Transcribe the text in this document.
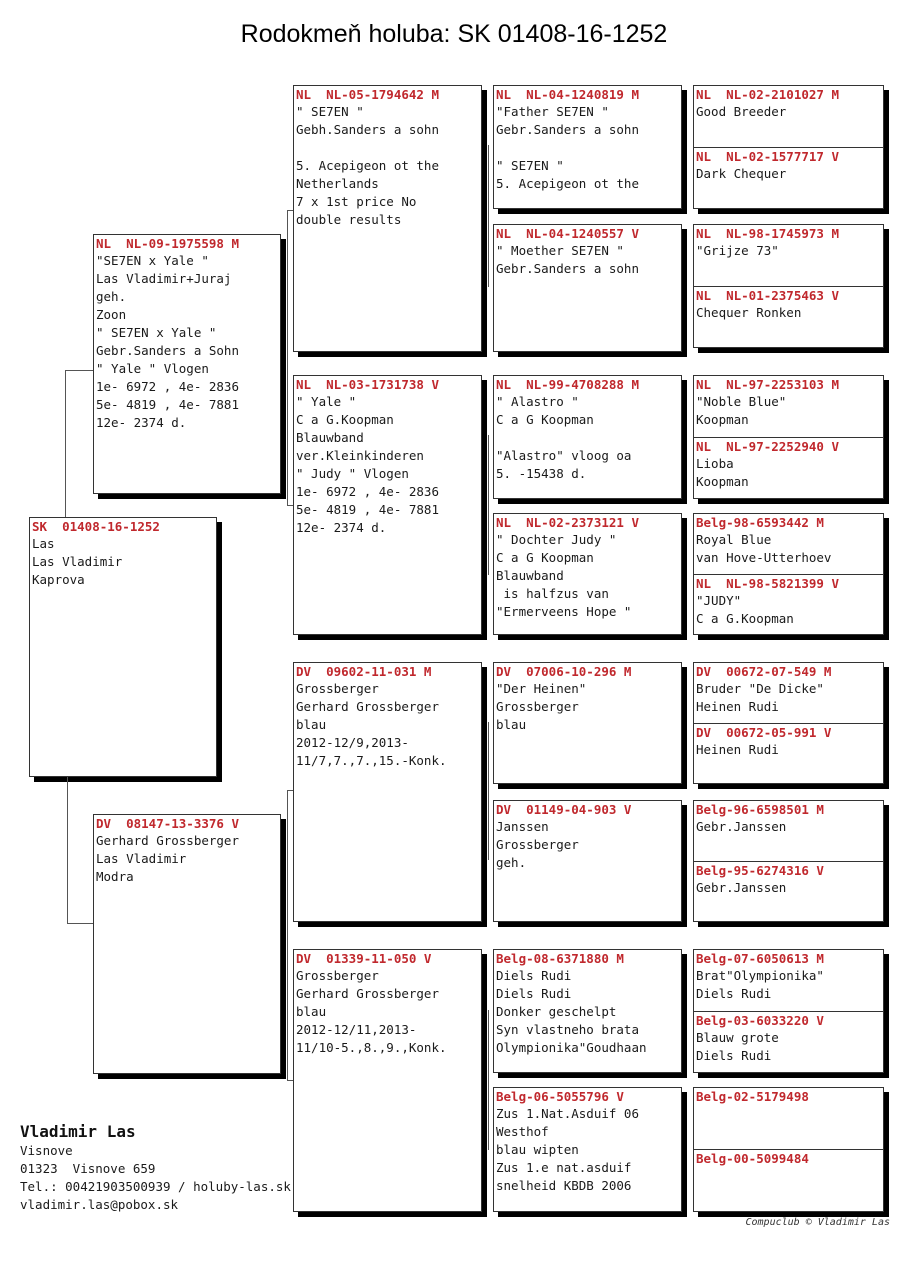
Rodokmeň holuba: SK 01408-16-1252
SK  01408-16-1252
Las
Las Vladimir
Kaprova
NL  NL-09-1975598 M
"SE7EN x Yale "
Las Vladimir+Juraj
geh.
Zoon
" SE7EN x Yale "
Gebr.Sanders a Sohn
" Yale " Vlogen
1e- 6972 , 4e- 2836
5e- 4819 , 4e- 7881
12e- 2374 d.
DV  08147-13-3376 V
Gerhard Grossberger
Las Vladimir
Modra
NL  NL-05-1794642 M
" SE7EN "
Gebh.Sanders a sohn

5. Acepigeon ot the
Netherlands
7 x 1st price No
double results
NL  NL-03-1731738 V
" Yale "
C a G.Koopman
Blauwband
ver.Kleinkinderen
" Judy " Vlogen
1e- 6972 , 4e- 2836
5e- 4819 , 4e- 7881
12e- 2374 d.
DV  09602-11-031 M
Grossberger
Gerhard Grossberger
blau
2012-12/9,2013-
11/7,7.,7.,15.-Konk.
DV  01339-11-050 V
Grossberger
Gerhard Grossberger
blau
2012-12/11,2013-
11/10-5.,8.,9.,Konk.
NL  NL-04-1240819 M
"Father SE7EN "
Gebr.Sanders a sohn

" SE7EN "
5. Acepigeon ot the
NL  NL-04-1240557 V
" Moether SE7EN "
Gebr.Sanders a sohn
NL  NL-99-4708288 M
" Alastro "
C a G Koopman

"Alastro" vloog oa
5. -15438 d.
NL  NL-02-2373121 V
" Dochter Judy "
C a G Koopman
Blauwband
is halfzus van
"Ermerveens Hope "
DV  07006-10-296 M
"Der Heinen"
Grossberger
blau
DV  01149-04-903 V
Janssen
Grossberger
geh.
Belg-08-6371880 M
Diels Rudi
Diels Rudi
Donker geschelpt
Syn vlastneho brata
Olympionika"Goudhaan
Belg-06-5055796 V
Zus 1.Nat.Asduif 06
Westhof
blau wipten
Zus 1.e nat.asduif
snelheid KBDB 2006
NL  NL-02-2101027 M
Good Breeder
NL  NL-02-1577717 V
Dark Chequer
NL  NL-98-1745973 M
"Grijze 73"
NL  NL-01-2375463 V
Chequer Ronken
NL  NL-97-2253103 M
"Noble Blue"
Koopman
NL  NL-97-2252940 V
Lioba
Koopman
Belg-98-6593442 M
Royal Blue
van Hove-Utterhoev
NL  NL-98-5821399 V
"JUDY"
C a G.Koopman
DV  00672-07-549 M
Bruder "De Dicke"
Heinen Rudi
DV  00672-05-991 V
Heinen Rudi
Belg-96-6598501 M
Gebr.Janssen
Belg-95-6274316 V
Gebr.Janssen
Belg-07-6050613 M
Brat"Olympionika"
Diels Rudi
Belg-03-6033220 V
Blauw grote
Diels Rudi
Belg-02-5179498
Belg-00-5099484
Vladimir Las
Visnove
01323  Visnove 659
Tel.: 00421903500939 / holuby-las.sk
vladimir.las@pobox.sk
Compuclub © Vladimir Las
